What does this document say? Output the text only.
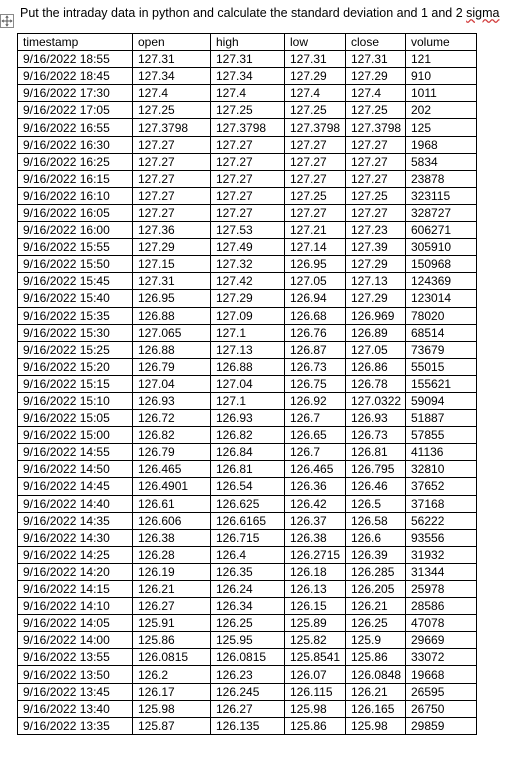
Put the intraday data in python and calculate the standard deviation and 1 and 2 sigma
timestamp	open	high	low	close	volume
9/16/2022 18:55	127.31	127.31	127.31	127.31	121
9/16/2022 18:45	127.34	127.34	127.29	127.29	910
9/16/2022 17:30	127.4	127.4	127.4	127.4	1011
9/16/2022 17:05	127.25	127.25	127.25	127.25	202
9/16/2022 16:55	127.3798	127.3798	127.3798	127.3798	125
9/16/2022 16:30	127.27	127.27	127.27	127.27	1968
9/16/2022 16:25	127.27	127.27	127.27	127.27	5834
9/16/2022 16:15	127.27	127.27	127.27	127.27	23878
9/16/2022 16:10	127.27	127.27	127.25	127.25	323115
9/16/2022 16:05	127.27	127.27	127.27	127.27	328727
9/16/2022 16:00	127.36	127.53	127.21	127.23	606271
9/16/2022 15:55	127.29	127.49	127.14	127.39	305910
9/16/2022 15:50	127.15	127.32	126.95	127.29	150968
9/16/2022 15:45	127.31	127.42	127.05	127.13	124369
9/16/2022 15:40	126.95	127.29	126.94	127.29	123014
9/16/2022 15:35	126.88	127.09	126.68	126.969	78020
9/16/2022 15:30	127.065	127.1	126.76	126.89	68514
9/16/2022 15:25	126.88	127.13	126.87	127.05	73679
9/16/2022 15:20	126.79	126.88	126.73	126.86	55015
9/16/2022 15:15	127.04	127.04	126.75	126.78	155621
9/16/2022 15:10	126.93	127.1	126.92	127.0322	59094
9/16/2022 15:05	126.72	126.93	126.7	126.93	51887
9/16/2022 15:00	126.82	126.82	126.65	126.73	57855
9/16/2022 14:55	126.79	126.84	126.7	126.81	41136
9/16/2022 14:50	126.465	126.81	126.465	126.795	32810
9/16/2022 14:45	126.4901	126.54	126.36	126.46	37652
9/16/2022 14:40	126.61	126.625	126.42	126.5	37168
9/16/2022 14:35	126.606	126.6165	126.37	126.58	56222
9/16/2022 14:30	126.38	126.715	126.38	126.6	93556
9/16/2022 14:25	126.28	126.4	126.2715	126.39	31932
9/16/2022 14:20	126.19	126.35	126.18	126.285	31344
9/16/2022 14:15	126.21	126.24	126.13	126.205	25978
9/16/2022 14:10	126.27	126.34	126.15	126.21	28586
9/16/2022 14:05	125.91	126.25	125.89	126.25	47078
9/16/2022 14:00	125.86	125.95	125.82	125.9	29669
9/16/2022 13:55	126.0815	126.0815	125.8541	125.86	33072
9/16/2022 13:50	126.2	126.23	126.07	126.0848	19668
9/16/2022 13:45	126.17	126.245	126.115	126.21	26595
9/16/2022 13:40	125.98	126.27	125.98	126.165	26750
9/16/2022 13:35	125.87	126.135	125.86	125.98	29859
